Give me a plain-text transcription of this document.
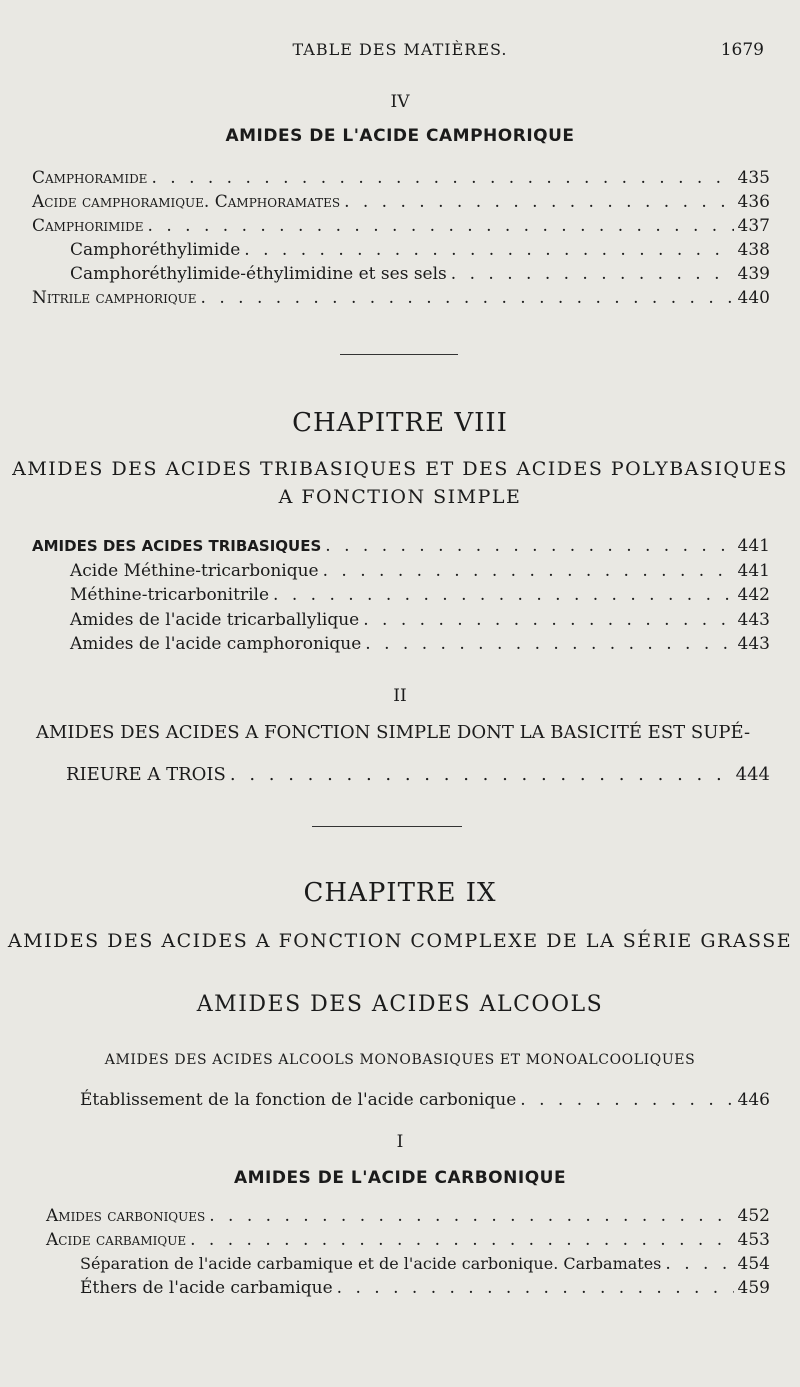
TABLE DES MATIÈRES.	1679
IV
AMIDES DE L'ACIDE CAMPHORIQUE
Camphoramide . . .	435
Acide camphoramique. Camphoramates . . .	436
Camphorimide . . .	437
Camphoréthylimide . . .	438
Camphoréthylimide-éthylimidine et ses sels . . .	439
Nitrile camphorique . . .	440
CHAPITRE VIII
AMIDES DES ACIDES TRIBASIQUES ET DES ACIDES POLYBASIQUES
A FONCTION SIMPLE
AMIDES DES ACIDES TRIBASIQUES . . .	441
Acide Méthine-tricarbonique . . .	441
Méthine-tricarbonitrile . . .	442
Amides de l'acide tricarballylique . . .	443
Amides de l'acide camphoronique . . .	443
II
AMIDES DES ACIDES A FONCTION SIMPLE DONT LA BASICITÉ EST SUPÉ-
RIEURE A TROIS . . .	444
CHAPITRE IX
AMIDES DES ACIDES A FONCTION COMPLEXE DE LA SÉRIE GRASSE
AMIDES DES ACIDES ALCOOLS
AMIDES DES ACIDES ALCOOLS MONOBASIQUES ET MONOALCOOLIQUES
Établissement de la fonction de l'acide carbonique . . .	446
I
AMIDES DE L'ACIDE CARBONIQUE
Amides carboniques . . .	452
Acide carbamique . . .	453
Séparation de l'acide carbamique et de l'acide carbonique. Carbamates . . .	454
Éthers de l'acide carbamique . . .	459
